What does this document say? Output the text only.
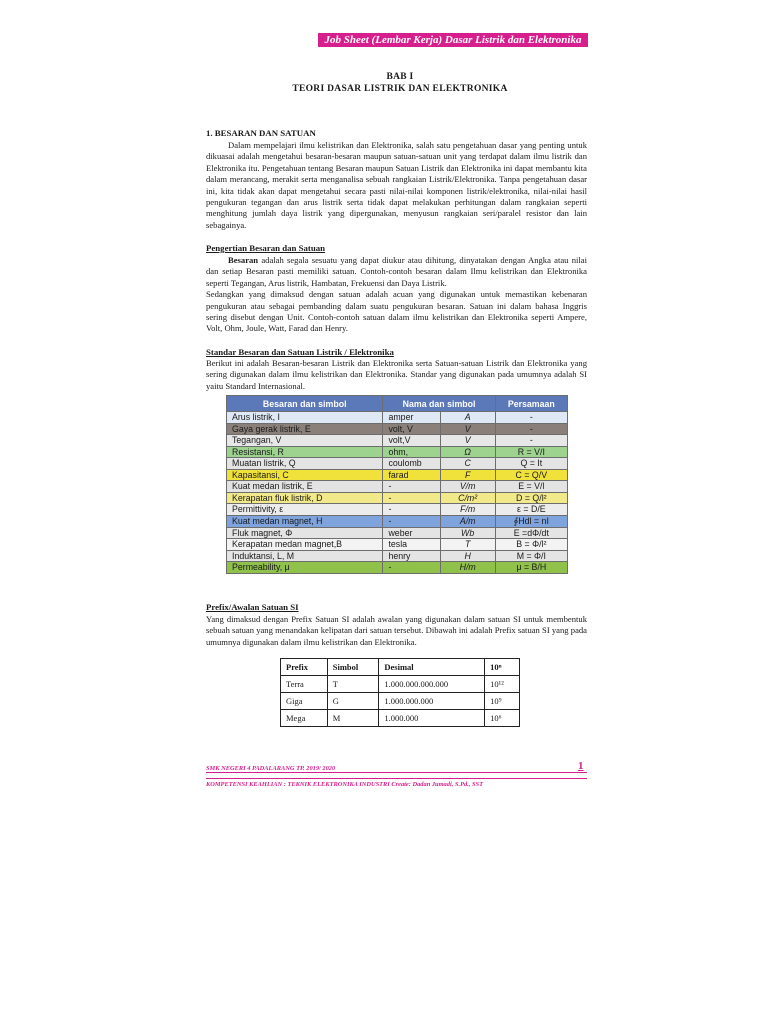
Job Sheet (Lembar Kerja) Dasar Listrik dan Elektronika
BAB I
TEORI DASAR LISTRIK DAN ELEKTRONIKA
1. BESARAN DAN SATUAN
Dalam mempelajari ilmu kelistrikan dan Elektronika, salah satu pengetahuan dasar yang penting untuk dikuasai adalah mengetahui besaran-besaran maupun satuan-satuan unit yang terdapat dalam ilmu listrik dan Elektronika itu. Pengetahuan tentang Besaran maupun Satuan Listrik dan Elektronika ini dapat membantu kita dalam merancang, merakit serta menganalisa sebuah rangkaian Listrik/Elektronika. Tanpa pengetahuan dasar ini, kita tidak akan dapat mengetahui secara pasti nilai-nilai komponen listrik/elektronika, nilai-nilai hasil pengukuran tegangan dan arus listrik serta tidak dapat melakukan perhitungan dalam rangkaian seperti menghitung jumlah daya listrik yang dipergunakan, menyusun rangkaian seri/paralel resistor dan lain sebagainya.
Pengertian Besaran dan Satuan

Besaran adalah segala sesuatu yang dapat diukur atau dihitung, dinyatakan dengan Angka atau nilai dan setiap Besaran pasti memiliki satuan. Contoh-contoh besaran dalam Ilmu kelistrikan dan Elektronika seperti Tegangan, Arus listrik, Hambatan, Frekuensi dan Daya Listrik.

Sedangkan yang dimaksud dengan satuan adalah acuan yang digunakan untuk memastikan kebenaran pengukuran atau sebagai pembanding dalam suatu pengukuran besaran. Satuan ini dalam bahasa Inggris sering disebut dengan Unit. Contoh-contoh satuan dalam ilmu kelistrikan dan Elektronika seperti Ampere, Volt, Ohm, Joule, Watt, Farad dan Henry.

Standar Besaran dan Satuan Listrik / Elektronika
Berikut ini adalah Besaran-besaran Listrik dan Elektronika serta Satuan-satuan Listrik dan Elektronika yang sering digunakan dalam ilmu kelistrikan dan Elektronika. Standar yang digunakan pada umumnya adalah SI yaitu Standard Internasional.
Besaran dan simbol	Nama dan simbol		Persamaan
Arus listrik, I	amper	A	-
Gaya gerak listrik, E	volt, V	V	-
Tegangan, V	volt,V	V	-
Resistansi, R	ohm,	Ω	R = V/I
Muatan listrik, Q	coulomb	C	Q = It
Kapasitansi, C	farad	F	C = Q/V
Kuat medan listrik, E	-	V/m	E = V/l
Kerapatan fluk listrik, D	-	C/m²	D = Q/l²
Permittivity, ε	-	F/m	ε = D/E
Kuat medan magnet, H	-	A/m	∮Hdl = nI
Fluk magnet, Φ	weber	Wb	E =dΦ/dt
Kerapatan medan magnet,B	tesla	T	B = Φ/l²
Induktansi, L, M	henry	H	M = Φ/I
Permeability, μ	-	H/m	μ = B/H
Prefix/Awalan Satuan SI
Yang dimaksud dengan Prefix Satuan SI adalah awalan yang digunakan dalam satuan SI untuk membentuk sebuah satuan yang menandakan kelipatan dari satuan tersebut. Dibawah ini adalah Prefix satuan SI yang pada umumnya digunakan dalam ilmu kelistrikan dan Elektronika.
Prefix	Simbol	Desimal	10ⁿ
Terra	T	1.000.000.000.000	10¹²
Giga	G	1.000.000.000	10⁹
Mega	M	1.000.000	10⁶
1
SMK NEGERI 4 PADALARANG TP. 2019/ 2020
KOMPETENSI KEAHLIAN : TEKNIK ELEKTRONIKA INDUSTRI Create: Dadan Jumadi, S.Pd., SST
